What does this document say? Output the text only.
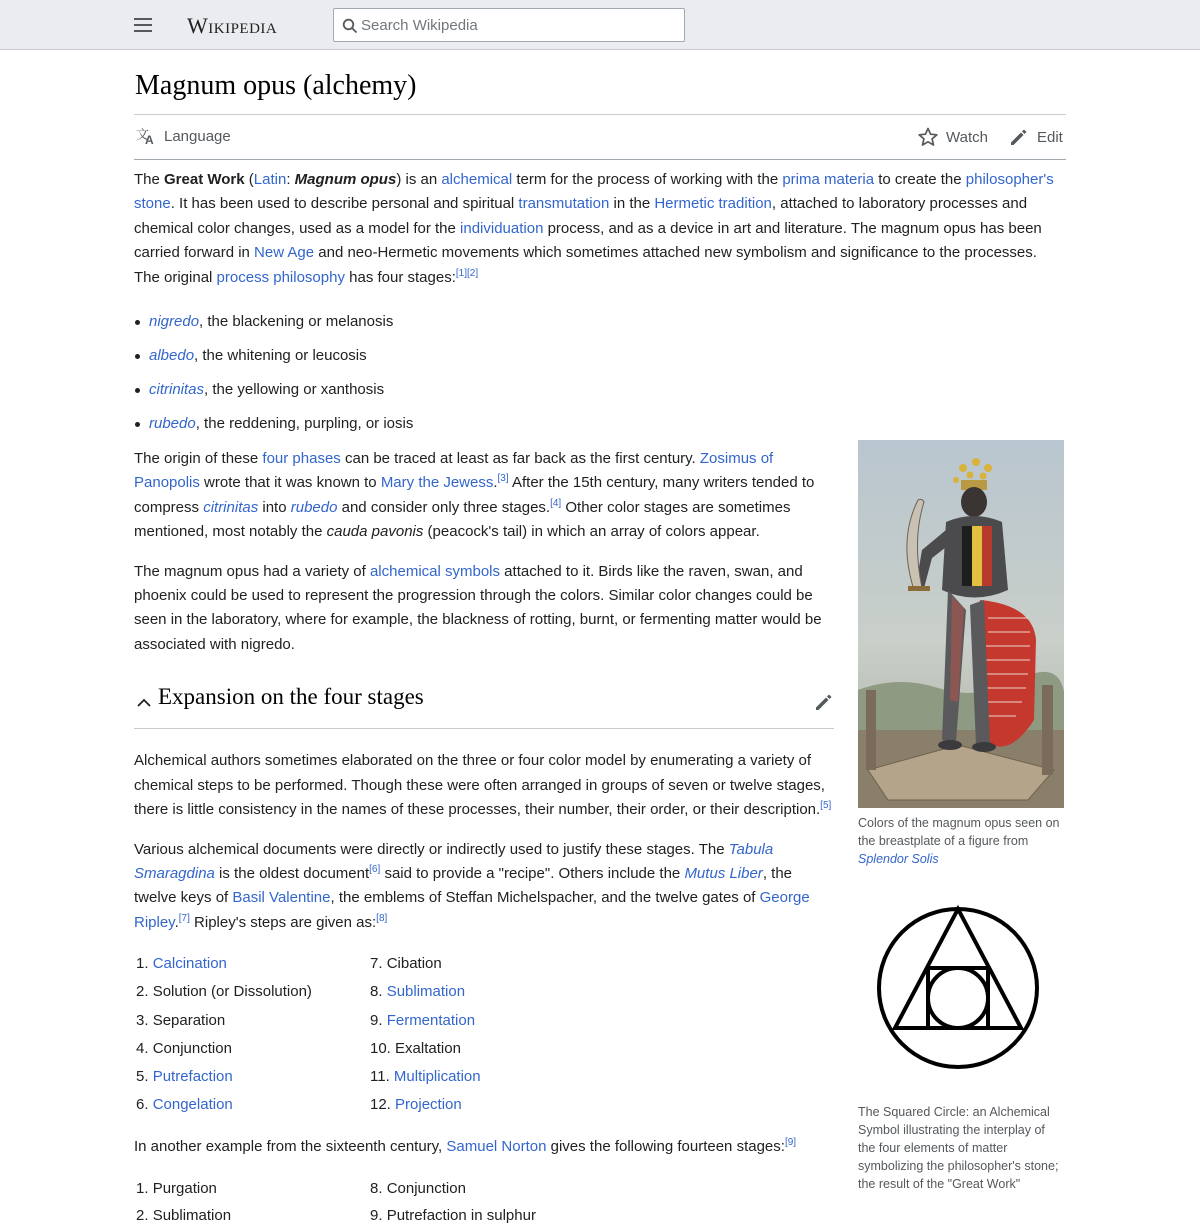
Wikipedia
Search Wikipedia
Magnum opus (alchemy)
文
A Language	Watch	Edit

The Great Work (Latin: Magnum opus) is an alchemical term for the process of working with the prima materia to create the philosopher's stone. It has been used to describe personal and spiritual transmutation in the Hermetic tradition, attached to laboratory processes and chemical color changes, used as a model for the individuation process, and as a device in art and literature. The magnum opus has been carried forward in New Age and neo-Hermetic movements which sometimes attached new symbolism and significance to the processes. The original process philosophy has four stages:[1][2]

nigredo, the blackening or melanosis
albedo, the whitening or leucosis
citrinitas, the yellowing or xanthosis
rubedo, the reddening, purpling, or iosis

The origin of these four phases can be traced at least as far back as the first century. Zosimus of Panopolis wrote that it was known to Mary the Jewess.[3] After the 15th century, many writers tended to compress citrinitas into rubedo and consider only three stages.[4] Other color stages are sometimes mentioned, most notably the cauda pavonis (peacock's tail) in which an array of colors appear.

The magnum opus had a variety of alchemical symbols attached to it. Birds like the raven, swan, and phoenix could be used to represent the progression through the colors. Similar color changes could be seen in the laboratory, where for example, the blackness of rotting, burnt, or fermenting matter would be associated with nigredo.

Expansion on the four stages

Alchemical authors sometimes elaborated on the three or four color model by enumerating a variety of chemical steps to be performed. Though these were often arranged in groups of seven or twelve stages, there is little consistency in the names of these processes, their number, their order, or their description.[5]

Various alchemical documents were directly or indirectly used to justify these stages. The Tabula Smaragdina is the oldest document[6] said to provide a "recipe". Others include the Mutus Liber, the twelve keys of Basil Valentine, the emblems of Steffan Michelspacher, and the twelve gates of George Ripley.[7] Ripley's steps are given as:[8]

1. Calcination
2. Solution (or Dissolution)
3. Separation
4. Conjunction
5. Putrefaction
6. Congelation
7. Cibation
8. Sublimation
9. Fermentation
10. Exaltation
11. Multiplication
12. Projection

In another example from the sixteenth century, Samuel Norton gives the following fourteen stages:[9]

1. Purgation	8. Conjunction
2. Sublimation	9. Putrefaction in sulphur
Colors of the magnum opus seen on the breastplate of a figure from Splendor Solis
The Squared Circle: an Alchemical Symbol illustrating the interplay of the four elements of matter symbolizing the philosopher's stone; the result of the "Great Work"
